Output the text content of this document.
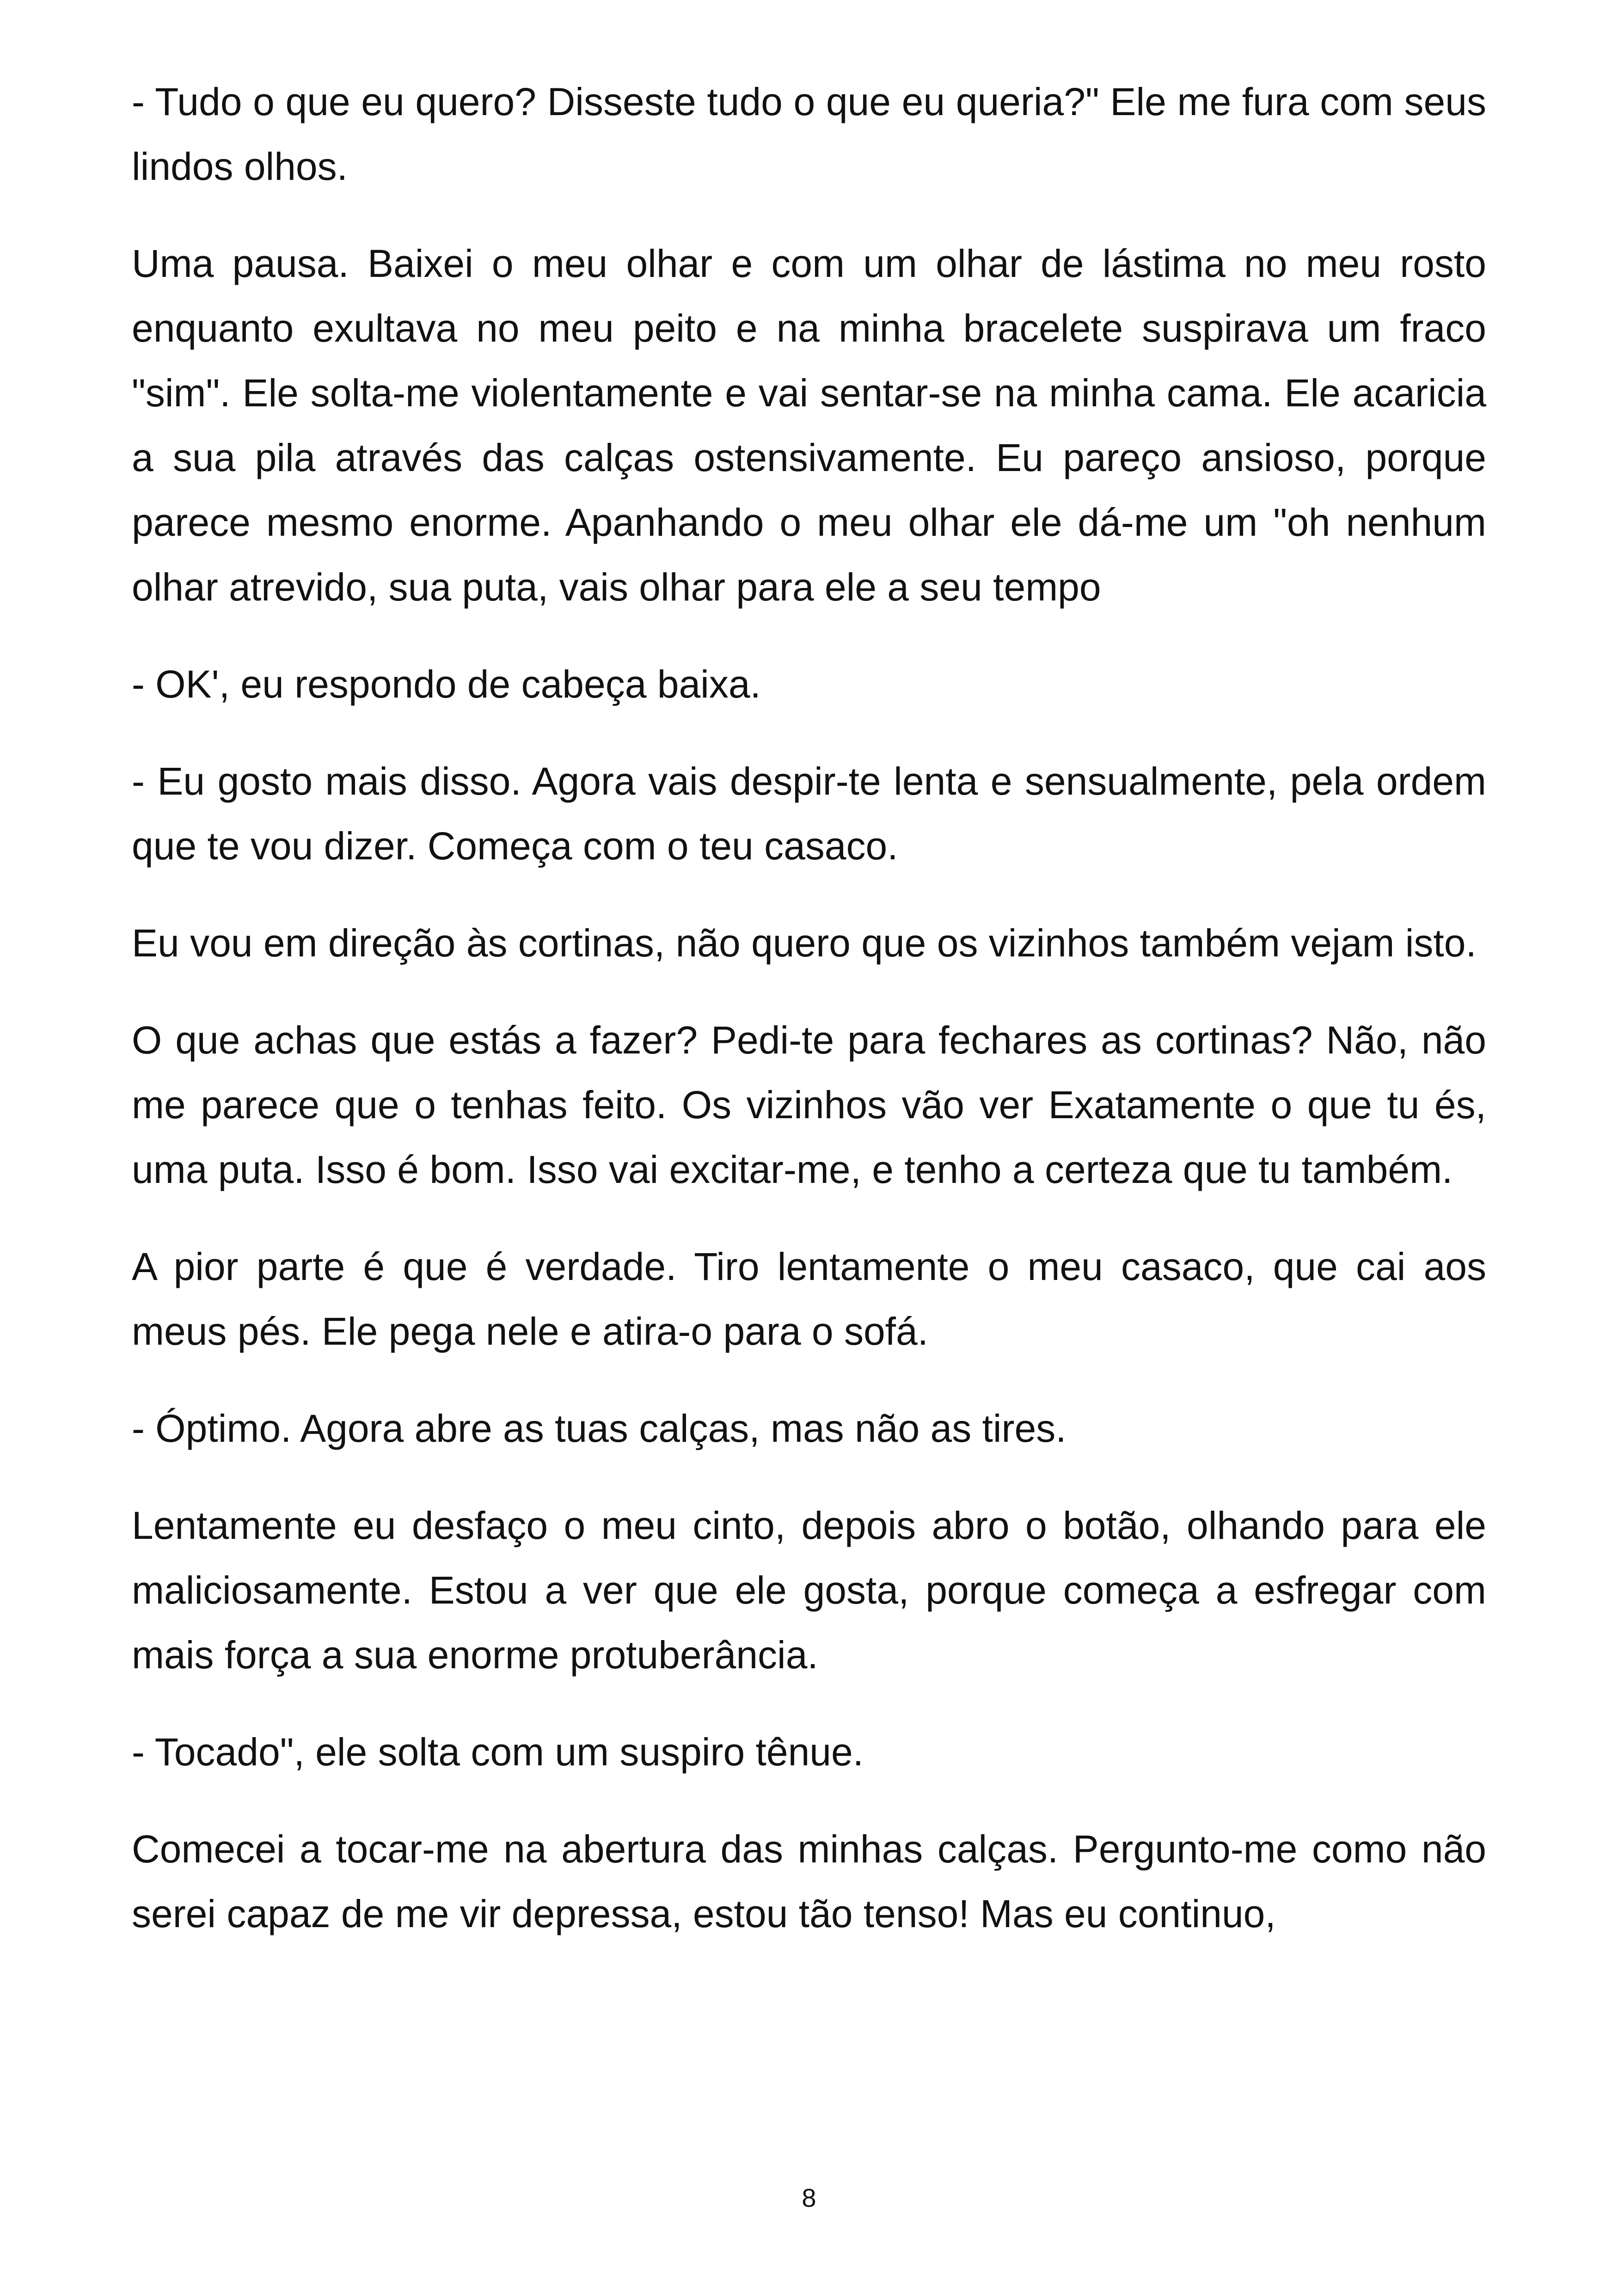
- Tudo o que eu quero? Disseste tudo o que eu queria?" Ele me fura com seus lindos olhos.

Uma pausa. Baixei o meu olhar e com um olhar de lástima no meu rosto enquanto exultava no meu peito e na minha bracelete suspirava um fraco "sim". Ele solta-me violentamente e vai sentar-se na minha cama. Ele acaricia a sua pila através das calças ostensivamente. Eu pareço ansioso, porque parece mesmo enorme. Apanhando o meu olhar ele dá-me um "oh nenhum olhar atrevido, sua puta, vais olhar para ele a seu tempo

- OK', eu respondo de cabeça baixa.

- Eu gosto mais disso. Agora vais despir-te lenta e sensualmente, pela ordem que te vou dizer. Começa com o teu casaco.

Eu vou em direção às cortinas, não quero que os vizinhos também vejam isto.

O que achas que estás a fazer? Pedi-te para fechares as cortinas? Não, não me parece que o tenhas feito. Os vizinhos vão ver Exatamente o que tu és, uma puta. Isso é bom. Isso vai excitar-me, e tenho a certeza que tu também.

A pior parte é que é verdade. Tiro lentamente o meu casaco, que cai aos meus pés. Ele pega nele e atira-o para o sofá.

- Óptimo. Agora abre as tuas calças, mas não as tires.

Lentamente eu desfaço o meu cinto, depois abro o botão, olhando para ele maliciosamente. Estou a ver que ele gosta, porque começa a esfregar com mais força a sua enorme protuberância.

- Tocado", ele solta com um suspiro tênue.

Comecei a tocar-me na abertura das minhas calças. Pergunto-me como não serei capaz de me vir depressa, estou tão tenso! Mas eu continuo,

8
